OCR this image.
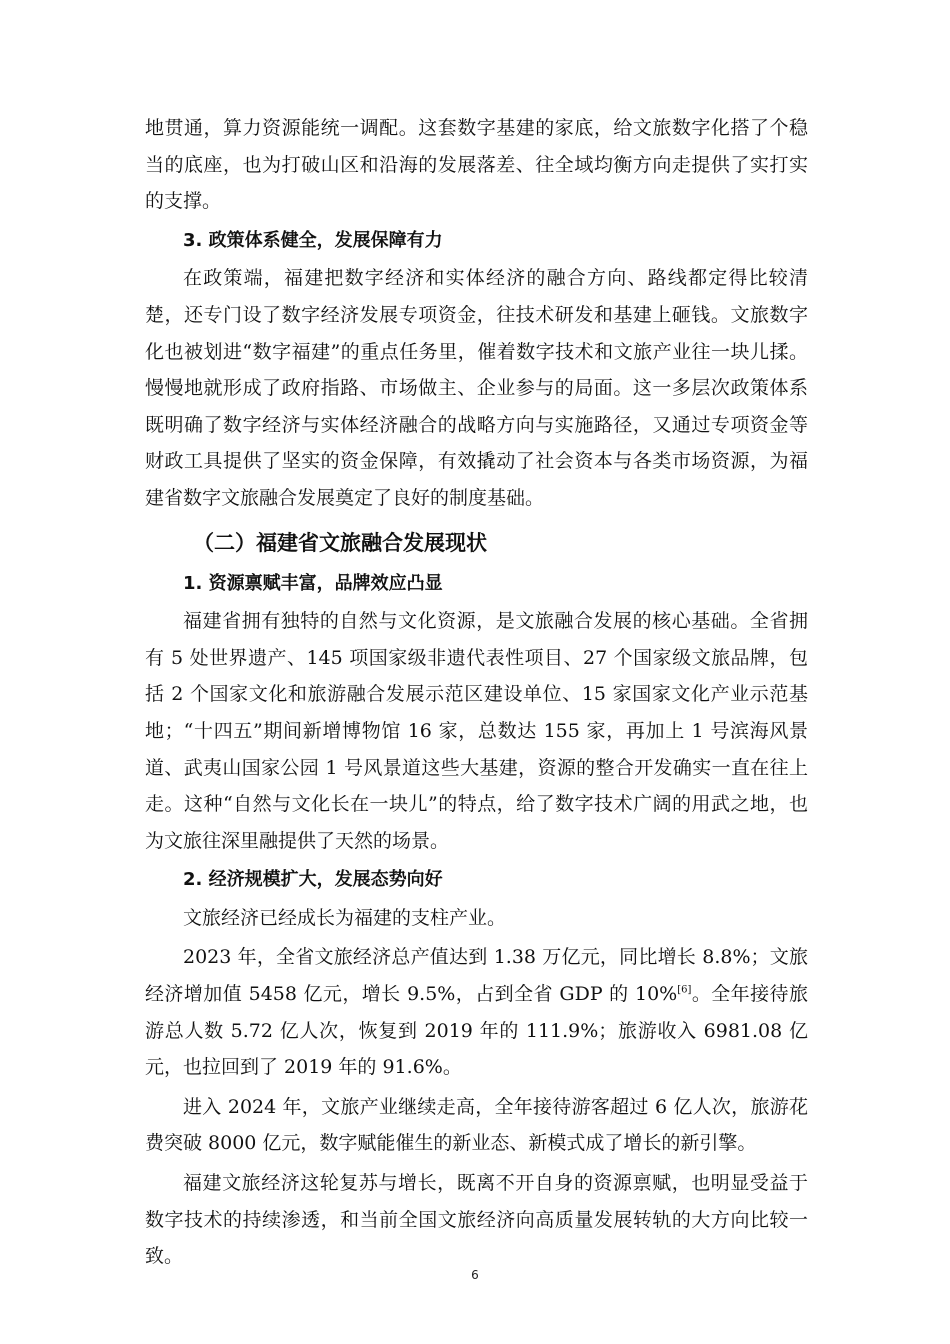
地贯通，算力资源能统一调配。这套数字基建的家底，给文旅数字化搭了个稳当的底座，也为打破山区和沿海的发展落差、往全域均衡方向走提供了实打实的支撑。

3. 政策体系健全，发展保障有力

在政策端，福建把数字经济和实体经济的融合方向、路线都定得比较清楚，还专门设了数字经济发展专项资金，往技术研发和基建上砸钱。文旅数字化也被划进“数字福建”的重点任务里，催着数字技术和文旅产业往一块儿揉。慢慢地就形成了政府指路、市场做主、企业参与的局面。这一多层次政策体系既明确了数字经济与实体经济融合的战略方向与实施路径，又通过专项资金等财政工具提供了坚实的资金保障，有效撬动了社会资本与各类市场资源，为福建省数字文旅融合发展奠定了良好的制度基础。

（二）福建省文旅融合发展现状

1. 资源禀赋丰富，品牌效应凸显

福建省拥有独特的自然与文化资源，是文旅融合发展的核心基础。全省拥有 5 处世界遗产、145 项国家级非遗代表性项目、27 个国家级文旅品牌，包括 2 个国家文化和旅游融合发展示范区建设单位、15 家国家文化产业示范基地；“十四五”期间新增博物馆 16 家，总数达 155 家，再加上 1 号滨海风景道、武夷山国家公园 1 号风景道这些大基建，资源的整合开发确实一直在往上走。这种“自然与文化长在一块儿”的特点，给了数字技术广阔的用武之地，也为文旅往深里融提供了天然的场景。

2. 经济规模扩大，发展态势向好

文旅经济已经成长为福建的支柱产业。

2023 年，全省文旅经济总产值达到 1.38 万亿元，同比增长 8.8%；文旅经济增加值 5458 亿元，增长 9.5%，占到全省 GDP 的 10%[6]。全年接待旅游总人数 5.72 亿人次，恢复到 2019 年的 111.9%；旅游收入 6981.08 亿元，也拉回到了 2019 年的 91.6%。

进入 2024 年，文旅产业继续走高，全年接待游客超过 6 亿人次，旅游花费突破 8000 亿元，数字赋能催生的新业态、新模式成了增长的新引擎。

福建文旅经济这轮复苏与增长，既离不开自身的资源禀赋，也明显受益于数字技术的持续渗透，和当前全国文旅经济向高质量发展转轨的大方向比较一致。

6
